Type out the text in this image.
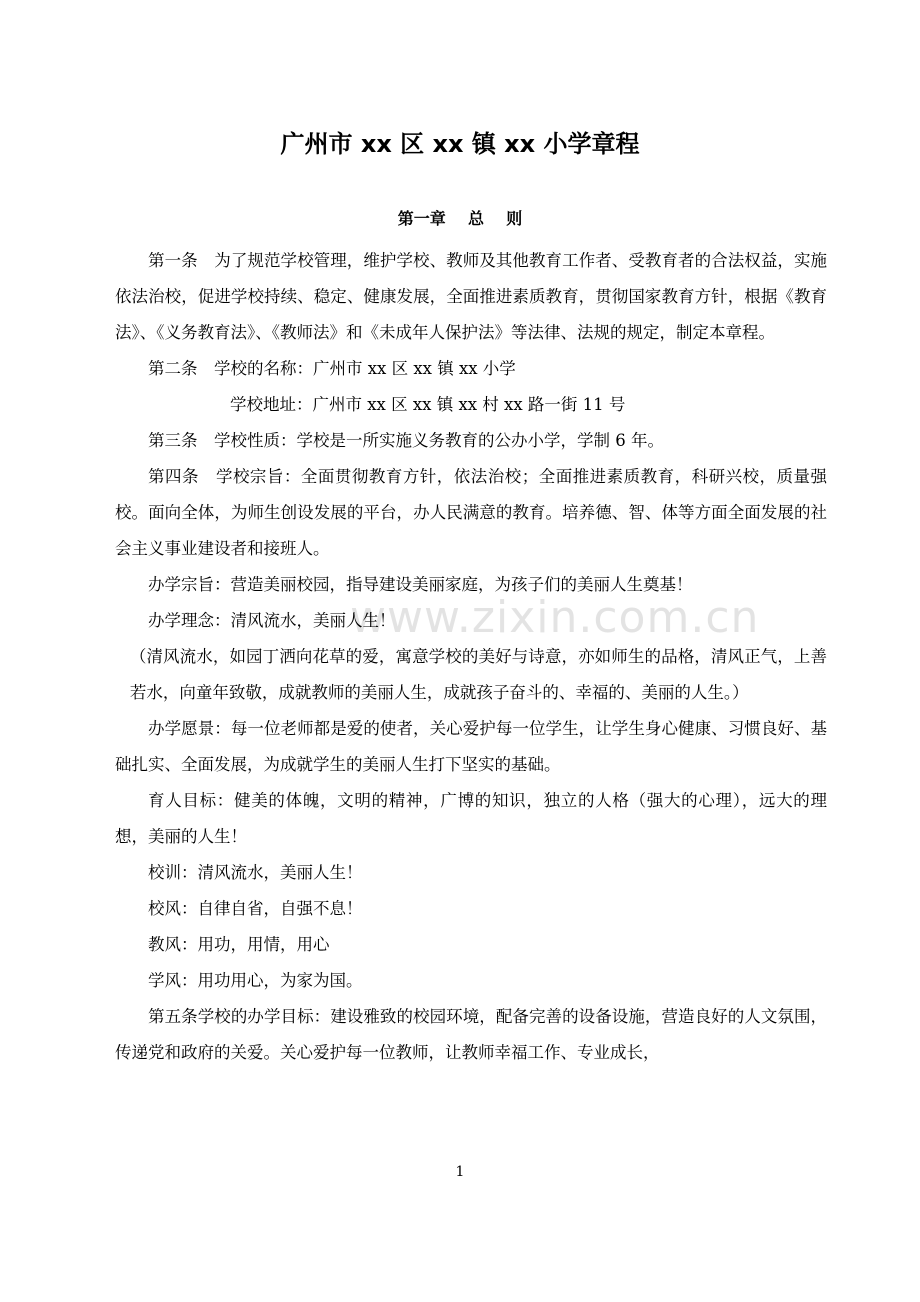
www.zixin.com.cn
广州市 xx 区 xx 镇 xx 小学章程
第一章    总    则

第一条 为了规范学校管理，维护学校、教师及其他教育工作者、受教育者的合法权益，实施依法治校，促进学校持续、稳定、健康发展，全面推进素质教育，贯彻国家教育方针，根据《教育法》、《义务教育法》、《教师法》和《未成年人保护法》等法律、法规的规定，制定本章程。

第二条 学校的名称：广州市 xx 区 xx 镇 xx 小学

学校地址：广州市 xx 区 xx 镇 xx 村 xx 路一街 11 号

第三条 学校性质：学校是一所实施义务教育的公办小学，学制 6 年。

第四条 学校宗旨：全面贯彻教育方针，依法治校；全面推进素质教育，科研兴校，质量强校。面向全体，为师生创设发展的平台，办人民满意的教育。培养德、智、体等方面全面发展的社会主义事业建设者和接班人。

办学宗旨：营造美丽校园，指导建设美丽家庭，为孩子们的美丽人生奠基！

办学理念：清风流水，美丽人生！

（清风流水，如园丁洒向花草的爱，寓意学校的美好与诗意，亦如师生的品格，清风正气，上善若水，向童年致敬，成就教师的美丽人生，成就孩子奋斗的、幸福的、美丽的人生。）

办学愿景：每一位老师都是爱的使者，关心爱护每一位学生，让学生身心健康、习惯良好、基础扎实、全面发展，为成就学生的美丽人生打下坚实的基础。

育人目标：健美的体魄，文明的精神，广博的知识，独立的人格（强大的心理），远大的理想，美丽的人生！

校训：清风流水，美丽人生！

校风：自律自省，自强不息！

教风：用功，用情，用心

学风：用功用心，为家为国。

第五条学校的办学目标：建设雅致的校园环境，配备完善的设备设施，营造良好的人文氛围，传递党和政府的关爱。关心爱护每一位教师，让教师幸福工作、专业成长，

1
